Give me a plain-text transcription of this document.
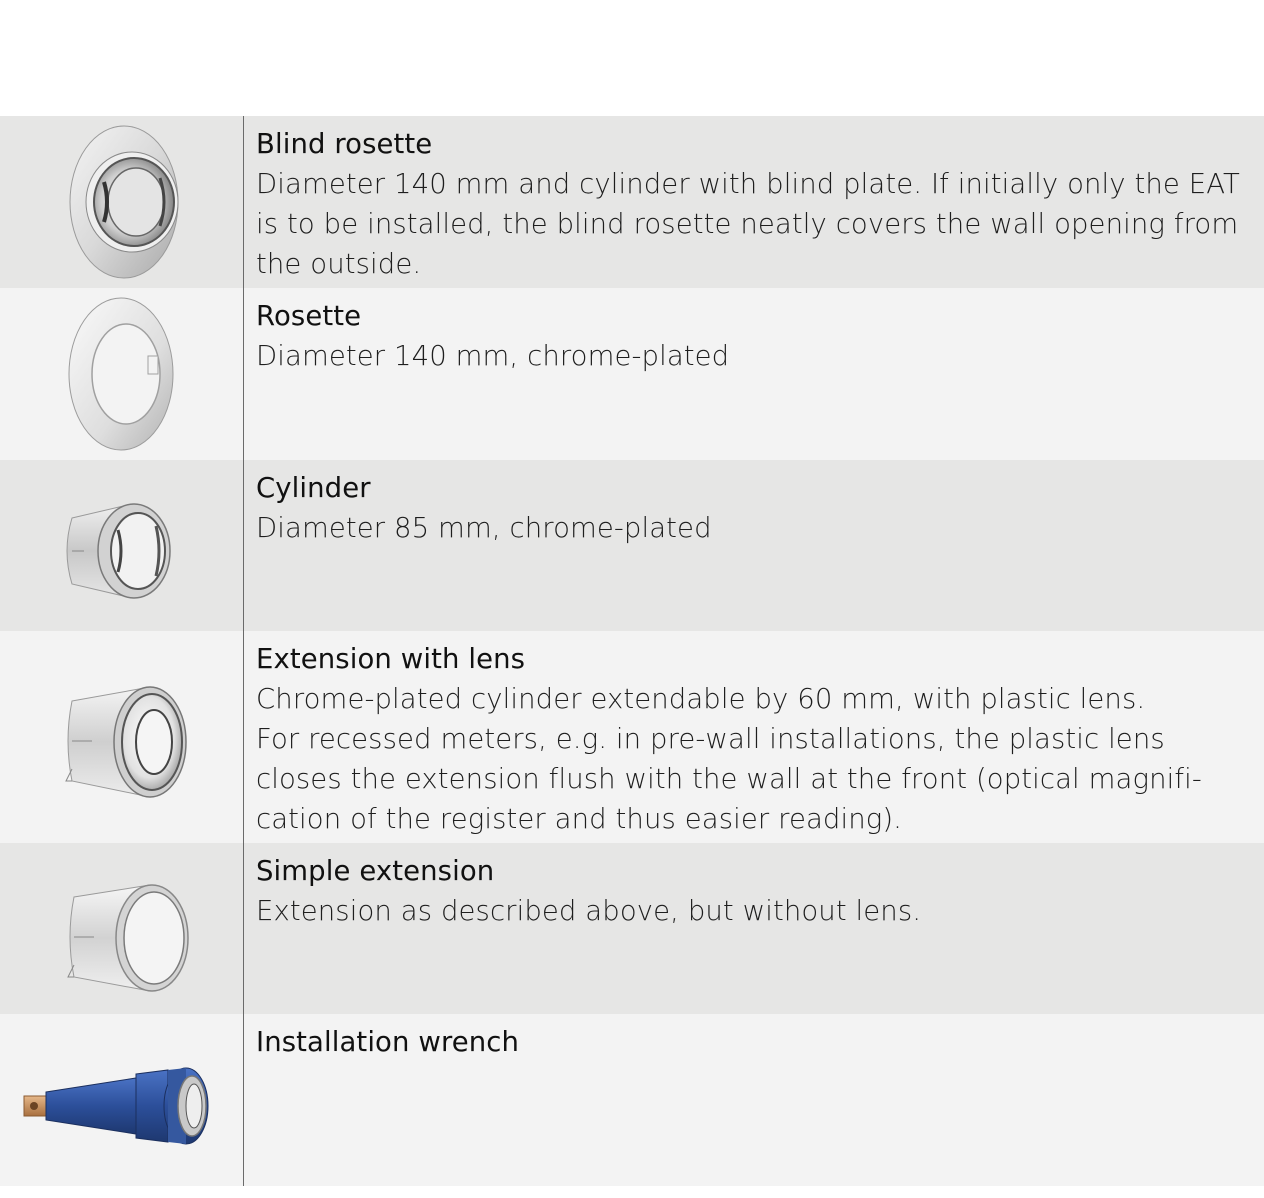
Blind rosette
Diameter 140 mm and cylinder with blind plate. If initially only the EAT
is to be installed, the blind rosette neatly covers the wall opening from
the outside.
Rosette
Diameter 140 mm, chrome-plated
Cylinder
Diameter 85 mm, chrome-plated
Extension with lens
Chrome-plated cylinder extendable by 60 mm, with plastic lens.
For recessed meters, e.g. in pre-wall installations, the plastic lens
closes the extension flush with the wall at the front (optical magnifi-
cation of the register and thus easier reading).
Simple extension
Extension as described above, but without lens.
Installation wrench
